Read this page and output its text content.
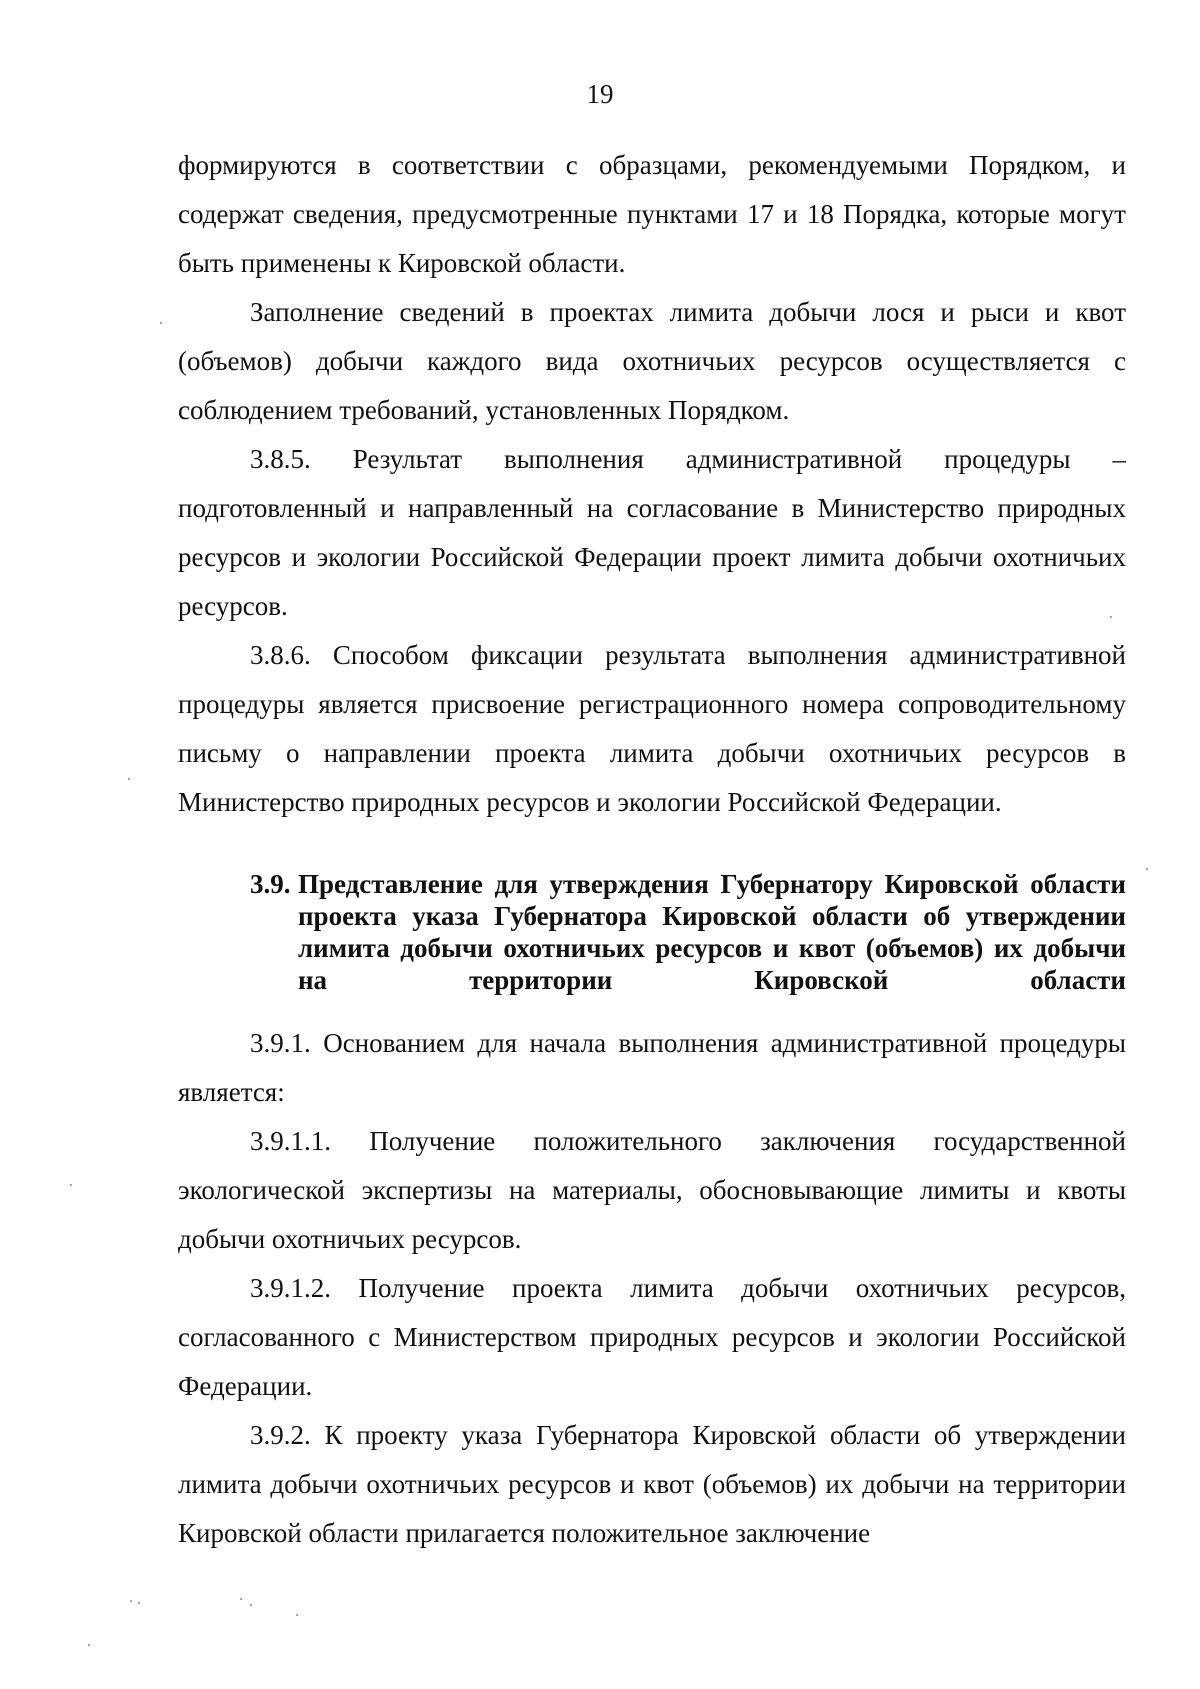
19

формируются в соответствии с образцами, рекомендуемыми Порядком, и содержат сведения, предусмотренные пунктами 17 и 18 Порядка, которые могут быть применены к Кировской области.

Заполнение сведений в проектах лимита добычи лося и рыси и квот (объемов) добычи каждого вида охотничьих ресурсов осуществляется с соблюдением требований, установленных Порядком.

3.8.5. Результат выполнения административной процедуры – подготовленный и направленный на согласование в Министерство природных ресурсов и экологии Российской Федерации проект лимита добычи охотничьих ресурсов.

3.8.6. Способом фиксации результата выполнения административной процедуры является присвоение регистрационного номера сопроводительному письму о направлении проекта лимита добычи охотничьих ресурсов в Министерство природных ресурсов и экологии Российской Федерации.

3.9. Представление для утверждения Губернатору Кировской области проекта указа Губернатора Кировской области об утверждении лимита добычи охотничьих ресурсов и квот (объемов) их добычи на территории Кировской области

3.9.1. Основанием для начала выполнения административной процедуры является:

3.9.1.1. Получение положительного заключения государственной экологической экспертизы на материалы, обосновывающие лимиты и квоты добычи охотничьих ресурсов.

3.9.1.2. Получение проекта лимита добычи охотничьих ресурсов, согласованного с Министерством природных ресурсов и экологии Российской Федерации.

3.9.2. К проекту указа Губернатора Кировской области об утверждении лимита добычи охотничьих ресурсов и квот (объемов) их добычи на территории Кировской области прилагается положительное заключение
